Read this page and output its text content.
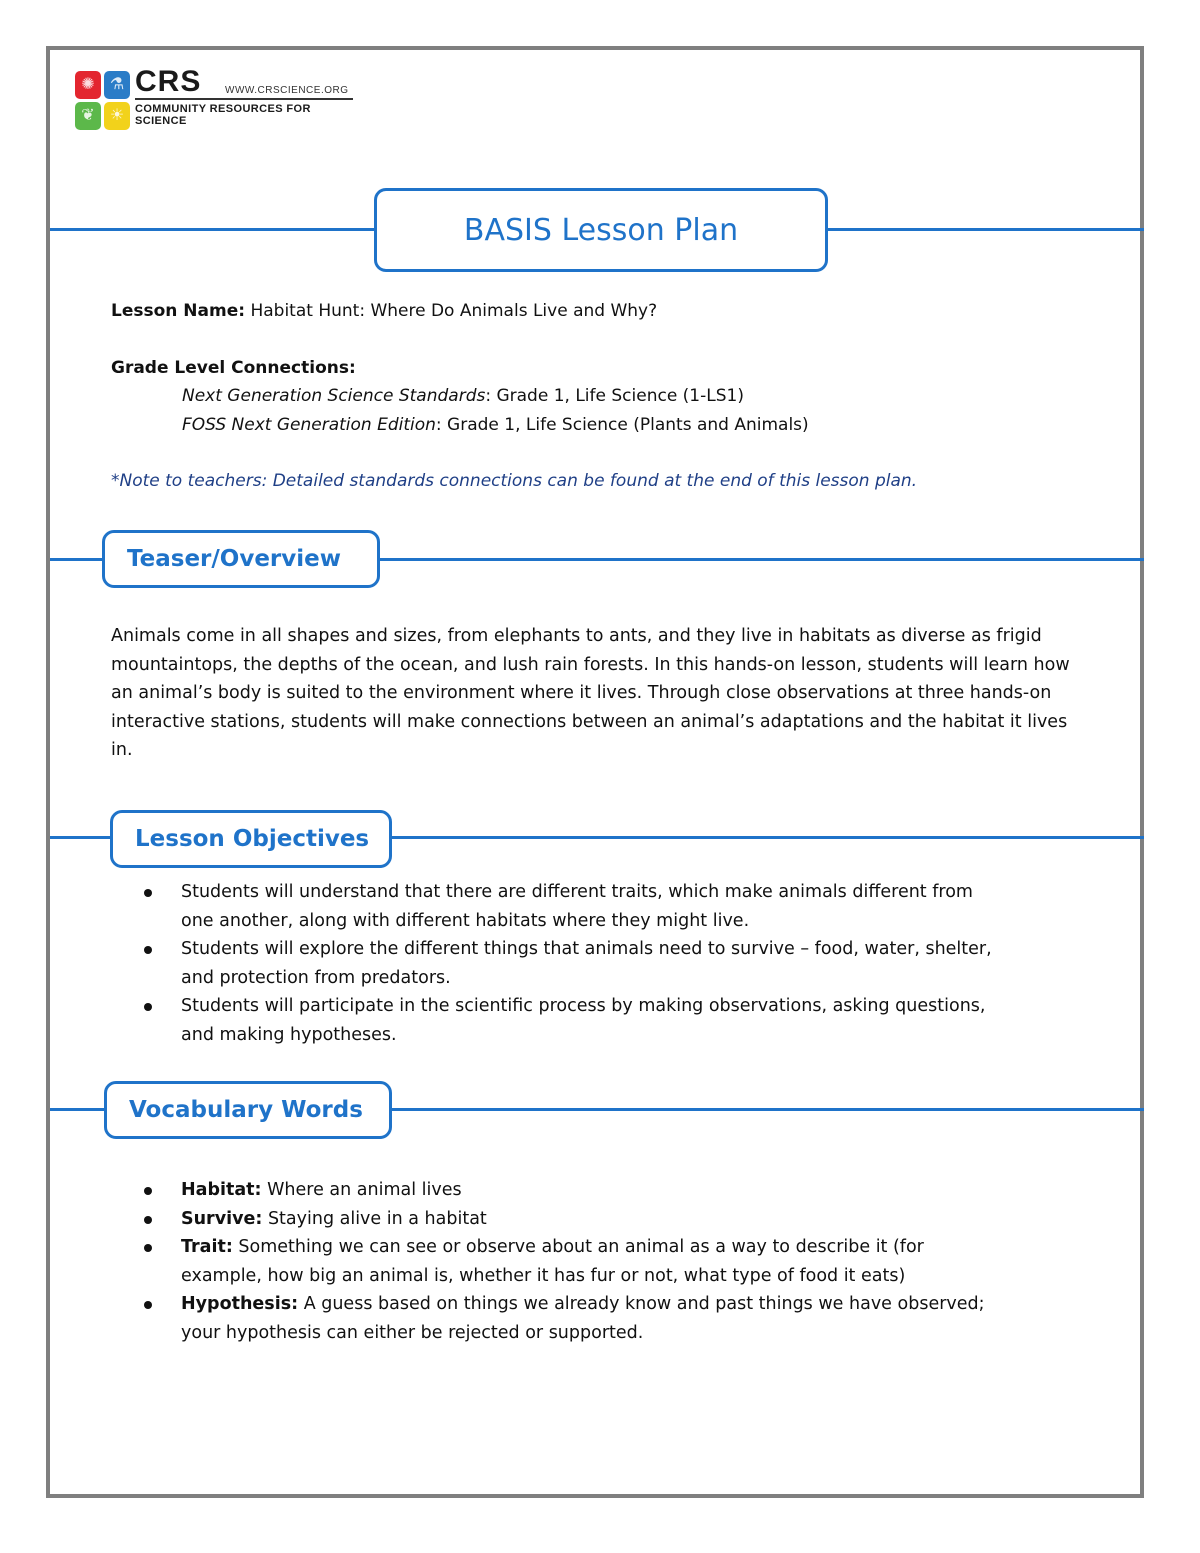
✺ ⚗
❦ ☀
CRS WWW.CRSCIENCE.ORG
COMMUNITY RESOURCES FOR SCIENCE
BASIS Lesson Plan
Lesson Name: Habitat Hunt: Where Do Animals Live and Why?
Grade Level Connections:
Next Generation Science Standards: Grade 1, Life Science (1-LS1)
FOSS Next Generation Edition: Grade 1, Life Science (Plants and Animals)
*Note to teachers: Detailed standards connections can be found at the end of this lesson plan.
Teaser/Overview
Animals come in all shapes and sizes, from elephants to ants, and they live in habitats as diverse as frigid mountaintops, the depths of the ocean, and lush rain forests. In this hands-on lesson, students will learn how an animal’s body is suited to the environment where it lives. Through close observations at three hands-on interactive stations, students will make connections between an animal’s adaptations and the habitat it lives in.
Lesson Objectives
Students will understand that there are different traits, which make animals different from one another, along with different habitats where they might live.
Students will explore the different things that animals need to survive – food, water, shelter, and protection from predators.
Students will participate in the scientific process by making observations, asking questions, and making hypotheses.
Vocabulary Words
Habitat: Where an animal lives
Survive: Staying alive in a habitat
Trait: Something we can see or observe about an animal as a way to describe it (for example, how big an animal is, whether it has fur or not, what type of food it eats)
Hypothesis: A guess based on things we already know and past things we have observed; your hypothesis can either be rejected or supported.
